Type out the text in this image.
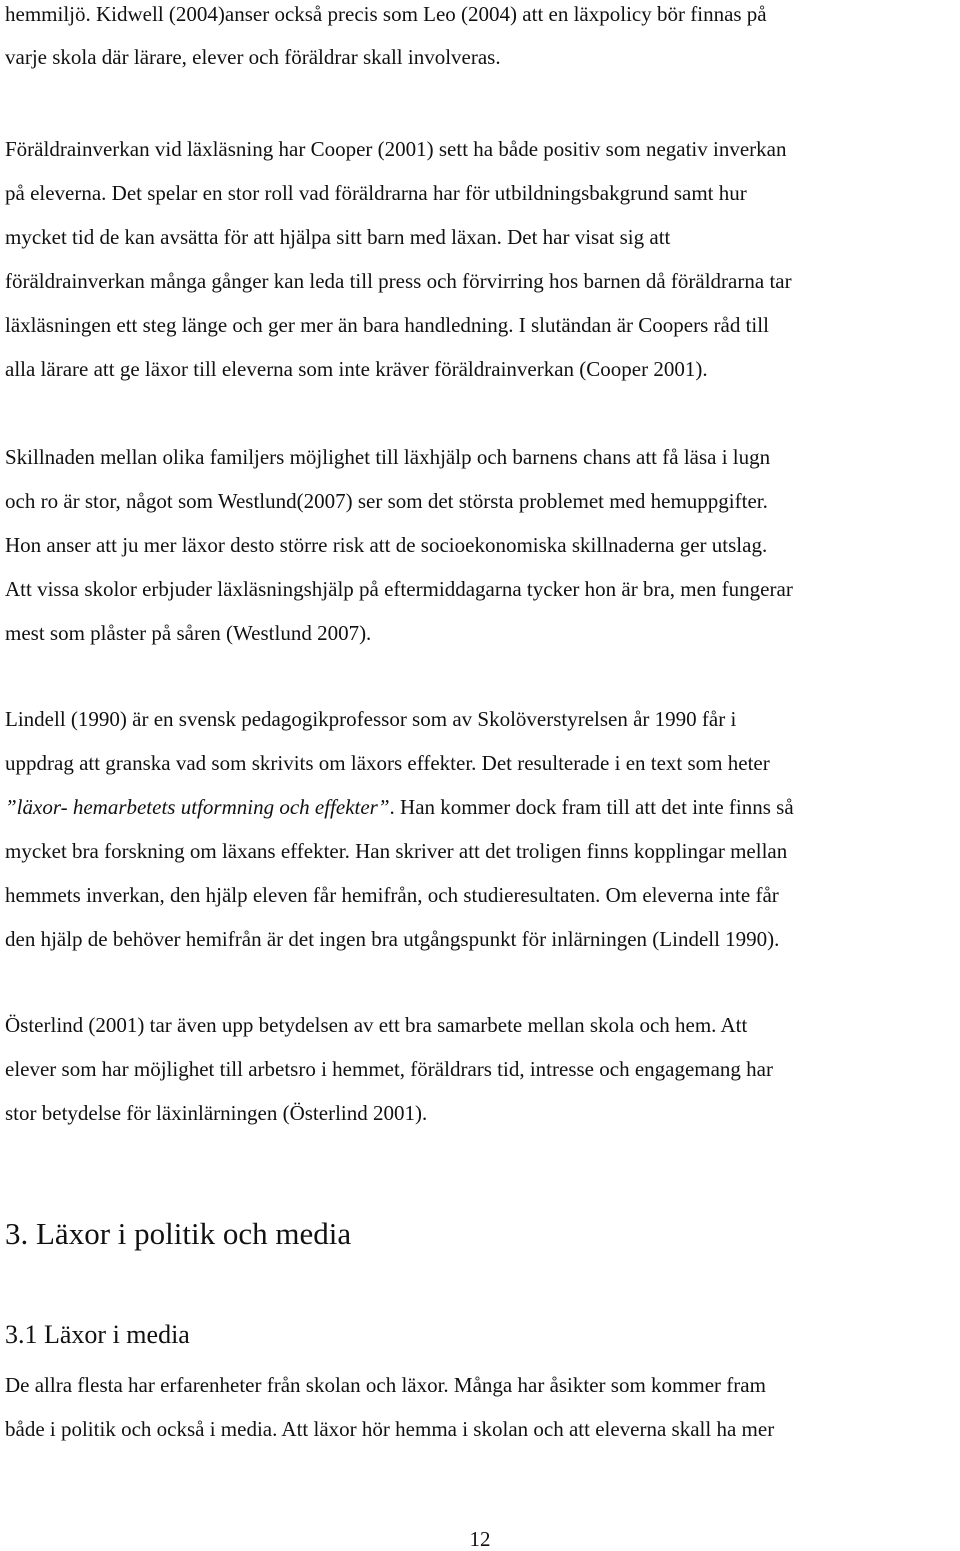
hemmiljö. Kidwell (2004)anser också precis som Leo (2004) att en läxpolicy bör finnas på

varje skola där lärare, elever och föräldrar skall involveras.

Föräldrainverkan vid läxläsning har Cooper (2001) sett ha både positiv som negativ inverkan

på eleverna. Det spelar en stor roll vad föräldrarna har för utbildningsbakgrund samt hur

mycket tid de kan avsätta för att hjälpa sitt barn med läxan. Det har visat sig att

föräldrainverkan många gånger kan leda till press och förvirring hos barnen då föräldrarna tar

läxläsningen ett steg länge och ger mer än bara handledning. I slutändan är Coopers råd till

alla lärare att ge läxor till eleverna som inte kräver föräldrainverkan (Cooper 2001).

Skillnaden mellan olika familjers möjlighet till läxhjälp och barnens chans att få läsa i lugn

och ro är stor, något som Westlund(2007) ser som det största problemet med hemuppgifter.

Hon anser att ju mer läxor desto större risk att de socioekonomiska skillnaderna ger utslag.

Att vissa skolor erbjuder läxläsningshjälp på eftermiddagarna tycker hon är bra, men fungerar

mest som plåster på såren (Westlund 2007).

Lindell (1990) är en svensk pedagogikprofessor som av Skolöverstyrelsen år 1990 får i

uppdrag att granska vad som skrivits om läxors effekter. Det resulterade i en text som heter

”läxor- hemarbetets utformning och effekter”. Han kommer dock fram till att det inte finns så

mycket bra forskning om läxans effekter. Han skriver att det troligen finns kopplingar mellan

hemmets inverkan, den hjälp eleven får hemifrån, och studieresultaten. Om eleverna inte får

den hjälp de behöver hemifrån är det ingen bra utgångspunkt för inlärningen (Lindell 1990).

Österlind (2001) tar även upp betydelsen av ett bra samarbete mellan skola och hem. Att

elever som har möjlighet till arbetsro i hemmet, föräldrars tid, intresse och engagemang har

stor betydelse för läxinlärningen (Österlind 2001).

3. Läxor i politik och media
3.1 Läxor i media

De allra flesta har erfarenheter från skolan och läxor. Många har åsikter som kommer fram

både i politik och också i media. Att läxor hör hemma i skolan och att eleverna skall ha mer

12
